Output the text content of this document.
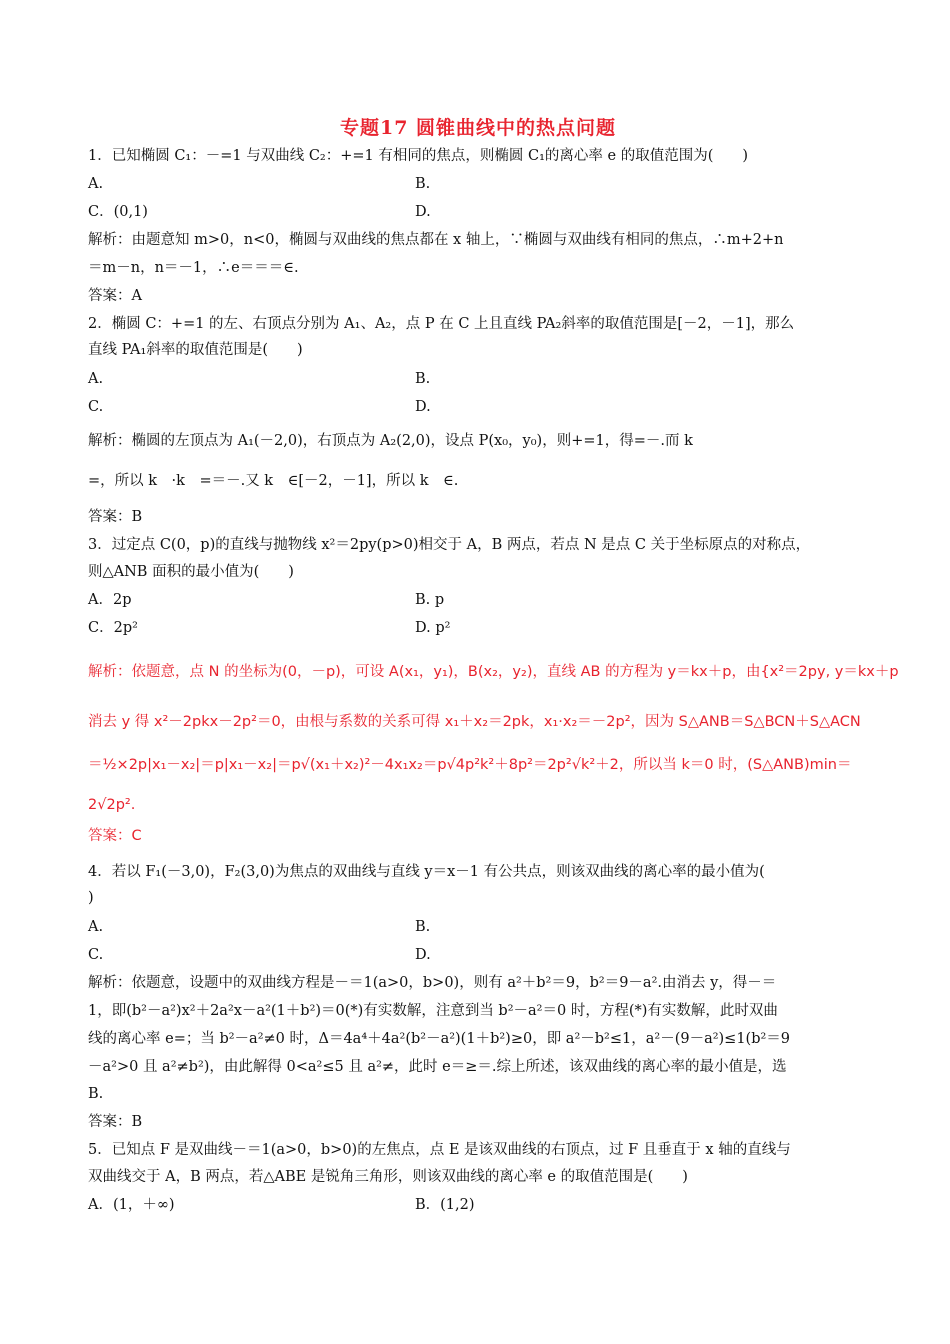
专题17 圆锥曲线中的热点问题
1．已知椭圆 C₁：－=1 与双曲线 C₂：+=1 有相同的焦点，则椭圆 C₁的离心率 e 的取值范围为(　　)
A.	B.
C．(0,1)	D.
解析：由题意知 m>0，n<0，椭圆与双曲线的焦点都在 x 轴上，∵椭圆与双曲线有相同的焦点，∴m+2+n
＝m－n，n＝－1，∴e＝＝＝∈.
答案：A
2．椭圆 C：+=1 的左、右顶点分别为 A₁、A₂，点 P 在 C 上且直线 PA₂斜率的取值范围是[－2，－1]，那么
直线 PA₁斜率的取值范围是(　　)
A.	B.
C.	D.
解析：椭圆的左顶点为 A₁(－2,0)，右顶点为 A₂(2,0)，设点 P(x₀，y₀)，则+=1，得=－.而 k
=，所以 k　·k　=＝－.又 k　∈[－2，－1]，所以 k　∈.
答案：B
3．过定点 C(0，p)的直线与抛物线 x²＝2py(p>0)相交于 A，B 两点，若点 N 是点 C 关于坐标原点的对称点，
则△ANB 面积的最小值为(　　)
A．2p	B. p
C．2p²	D. p²
解析：依题意，点 N 的坐标为(0，－p)，可设 A(x₁，y₁)，B(x₂，y₂)，直线 AB 的方程为 y＝kx＋p，由{x²＝2py, y＝kx＋p
消去 y 得 x²－2pkx－2p²＝0，由根与系数的关系可得 x₁＋x₂＝2pk，x₁·x₂＝－2p²，因为 S△ANB＝S△BCN＋S△ACN
＝½×2p|x₁－x₂|＝p|x₁－x₂|＝p√(x₁＋x₂)²－4x₁x₂＝p√4p²k²＋8p²＝2p²√k²＋2，所以当 k＝0 时，(S△ANB)min＝
2√2p².
答案：C
4．若以 F₁(－3,0)，F₂(3,0)为焦点的双曲线与直线 y＝x－1 有公共点，则该双曲线的离心率的最小值为(
)
A.	B.
C.	D.
解析：依题意，设题中的双曲线方程是－＝1(a>0，b>0)，则有 a²＋b²＝9，b²＝9－a².由消去 y，得－＝
1，即(b²－a²)x²＋2a²x－a²(1＋b²)＝0(*)有实数解，注意到当 b²－a²＝0 时，方程(*)有实数解，此时双曲
线的离心率 e=；当 b²－a²≠0 时，Δ＝4a⁴＋4a²(b²－a²)(1＋b²)≥0，即 a²－b²≤1，a²－(9－a²)≤1(b²＝9
－a²>0 且 a²≠b²)，由此解得 0<a²≤5 且 a²≠，此时 e＝≥＝.综上所述，该双曲线的离心率的最小值是，选
B.
答案：B
5．已知点 F 是双曲线－＝1(a>0，b>0)的左焦点，点 E 是该双曲线的右顶点，过 F 且垂直于 x 轴的直线与
双曲线交于 A，B 两点，若△ABE 是锐角三角形，则该双曲线的离心率 e 的取值范围是(　　)
A．(1，＋∞)	B．(1,2)
